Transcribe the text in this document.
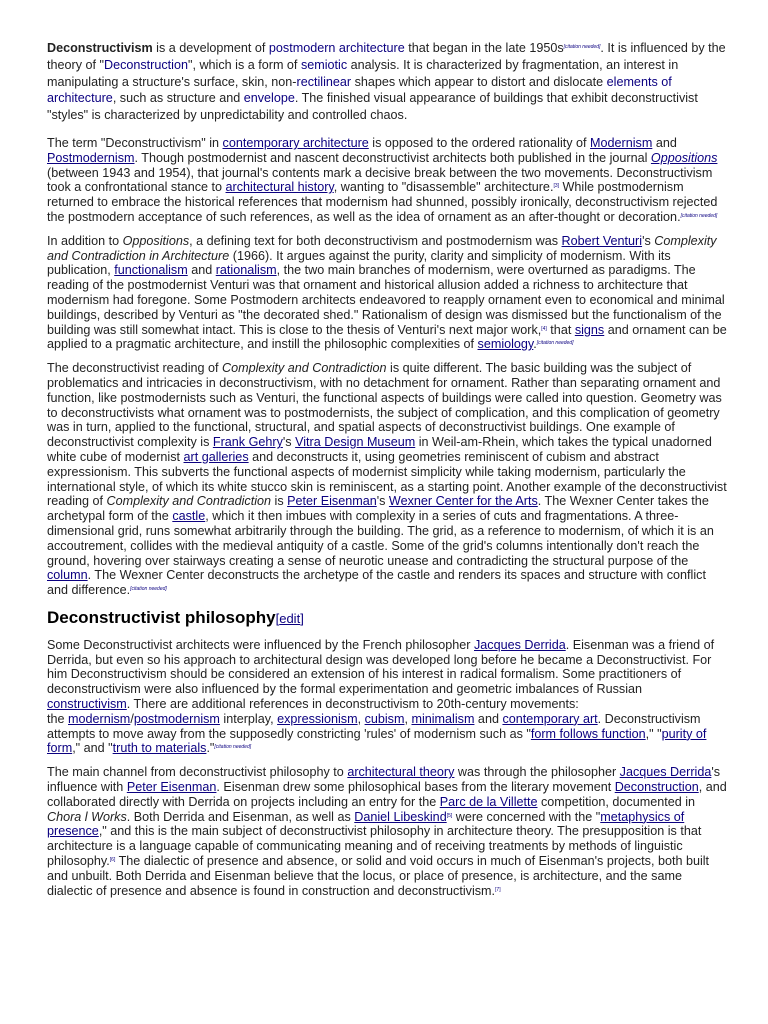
Deconstructivism is a development of postmodern architecture that began in the late 1950s[citation needed]. It is influenced by the theory of "Deconstruction", which is a form of semiotic analysis. It is characterized by fragmentation, an interest in manipulating a structure's surface, skin, non-rectilinear shapes which appear to distort and dislocate elements of architecture, such as structure and envelope. The finished visual appearance of buildings that exhibit deconstructivist "styles" is characterized by unpredictability and controlled chaos.

The term "Deconstructivism" in contemporary architecture is opposed to the ordered rationality of Modernism and Postmodernism. Though postmodernist and nascent deconstructivist architects both published in the journal Oppositions (between 1943 and 1954), that journal's contents mark a decisive break between the two movements. Deconstructivism took a confrontational stance to architectural history, wanting to "disassemble" architecture.[3] While postmodernism returned to embrace the historical references that modernism had shunned, possibly ironically, deconstructivism rejected the postmodern acceptance of such references, as well as the idea of ornament as an after-thought or decoration.[citation needed]

In addition to Oppositions, a defining text for both deconstructivism and postmodernism was Robert Venturi's Complexity and Contradiction in Architecture (1966). It argues against the purity, clarity and simplicity of modernism. With its publication, functionalism and rationalism, the two main branches of modernism, were overturned as paradigms. The reading of the postmodernist Venturi was that ornament and historical allusion added a richness to architecture that modernism had foregone. Some Postmodern architects endeavored to reapply ornament even to economical and minimal buildings, described by Venturi as "the decorated shed." Rationalism of design was dismissed but the functionalism of the building was still somewhat intact. This is close to the thesis of Venturi's next major work,[4] that signs and ornament can be applied to a pragmatic architecture, and instill the philosophic complexities of semiology.[citation needed]

The deconstructivist reading of Complexity and Contradiction is quite different. The basic building was the subject of problematics and intricacies in deconstructivism, with no detachment for ornament. Rather than separating ornament and function, like postmodernists such as Venturi, the functional aspects of buildings were called into question. Geometry was to deconstructivists what ornament was to postmodernists, the subject of complication, and this complication of geometry was in turn, applied to the functional, structural, and spatial aspects of deconstructivist buildings. One example of deconstructivist complexity is Frank Gehry's Vitra Design Museum in Weil-am-Rhein, which takes the typical unadorned white cube of modernist art galleries and deconstructs it, using geometries reminiscent of cubism and abstract expressionism. This subverts the functional aspects of modernist simplicity while taking modernism, particularly the international style, of which its white stucco skin is reminiscent, as a starting point. Another example of the deconstructivist reading of Complexity and Contradiction is Peter Eisenman's Wexner Center for the Arts. The Wexner Center takes the archetypal form of the castle, which it then imbues with complexity in a series of cuts and fragmentations. A three-dimensional grid, runs somewhat arbitrarily through the building. The grid, as a reference to modernism, of which it is an accoutrement, collides with the medieval antiquity of a castle. Some of the grid's columns intentionally don't reach the ground, hovering over stairways creating a sense of neurotic unease and contradicting the structural purpose of the column. The Wexner Center deconstructs the archetype of the castle and renders its spaces and structure with conflict and difference.[citation needed]

Deconstructivist philosophy[edit]

Some Deconstructivist architects were influenced by the French philosopher Jacques Derrida. Eisenman was a friend of Derrida, but even so his approach to architectural design was developed long before he became a Deconstructivist. For him Deconstructivism should be considered an extension of his interest in radical formalism. Some practitioners of deconstructivism were also influenced by the formal experimentation and geometric imbalances of Russian constructivism. There are additional references in deconstructivism to 20th-century movements:
the modernism/postmodernism interplay, expressionism, cubism, minimalism and contemporary art. Deconstructivism attempts to move away from the supposedly constricting 'rules' of modernism such as "form follows function," "purity of form," and "truth to materials."[citation needed]

The main channel from deconstructivist philosophy to architectural theory was through the philosopher Jacques Derrida's influence with Peter Eisenman. Eisenman drew some philosophical bases from the literary movement Deconstruction, and collaborated directly with Derrida on projects including an entry for the Parc de la Villette competition, documented in Chora l Works. Both Derrida and Eisenman, as well as Daniel Libeskind[5] were concerned with the "metaphysics of presence," and this is the main subject of deconstructivist philosophy in architecture theory. The presupposition is that architecture is a language capable of communicating meaning and of receiving treatments by methods of linguistic philosophy.[6] The dialectic of presence and absence, or solid and void occurs in much of Eisenman's projects, both built and unbuilt. Both Derrida and Eisenman believe that the locus, or place of presence, is architecture, and the same dialectic of presence and absence is found in construction and deconstructivism.[7]
